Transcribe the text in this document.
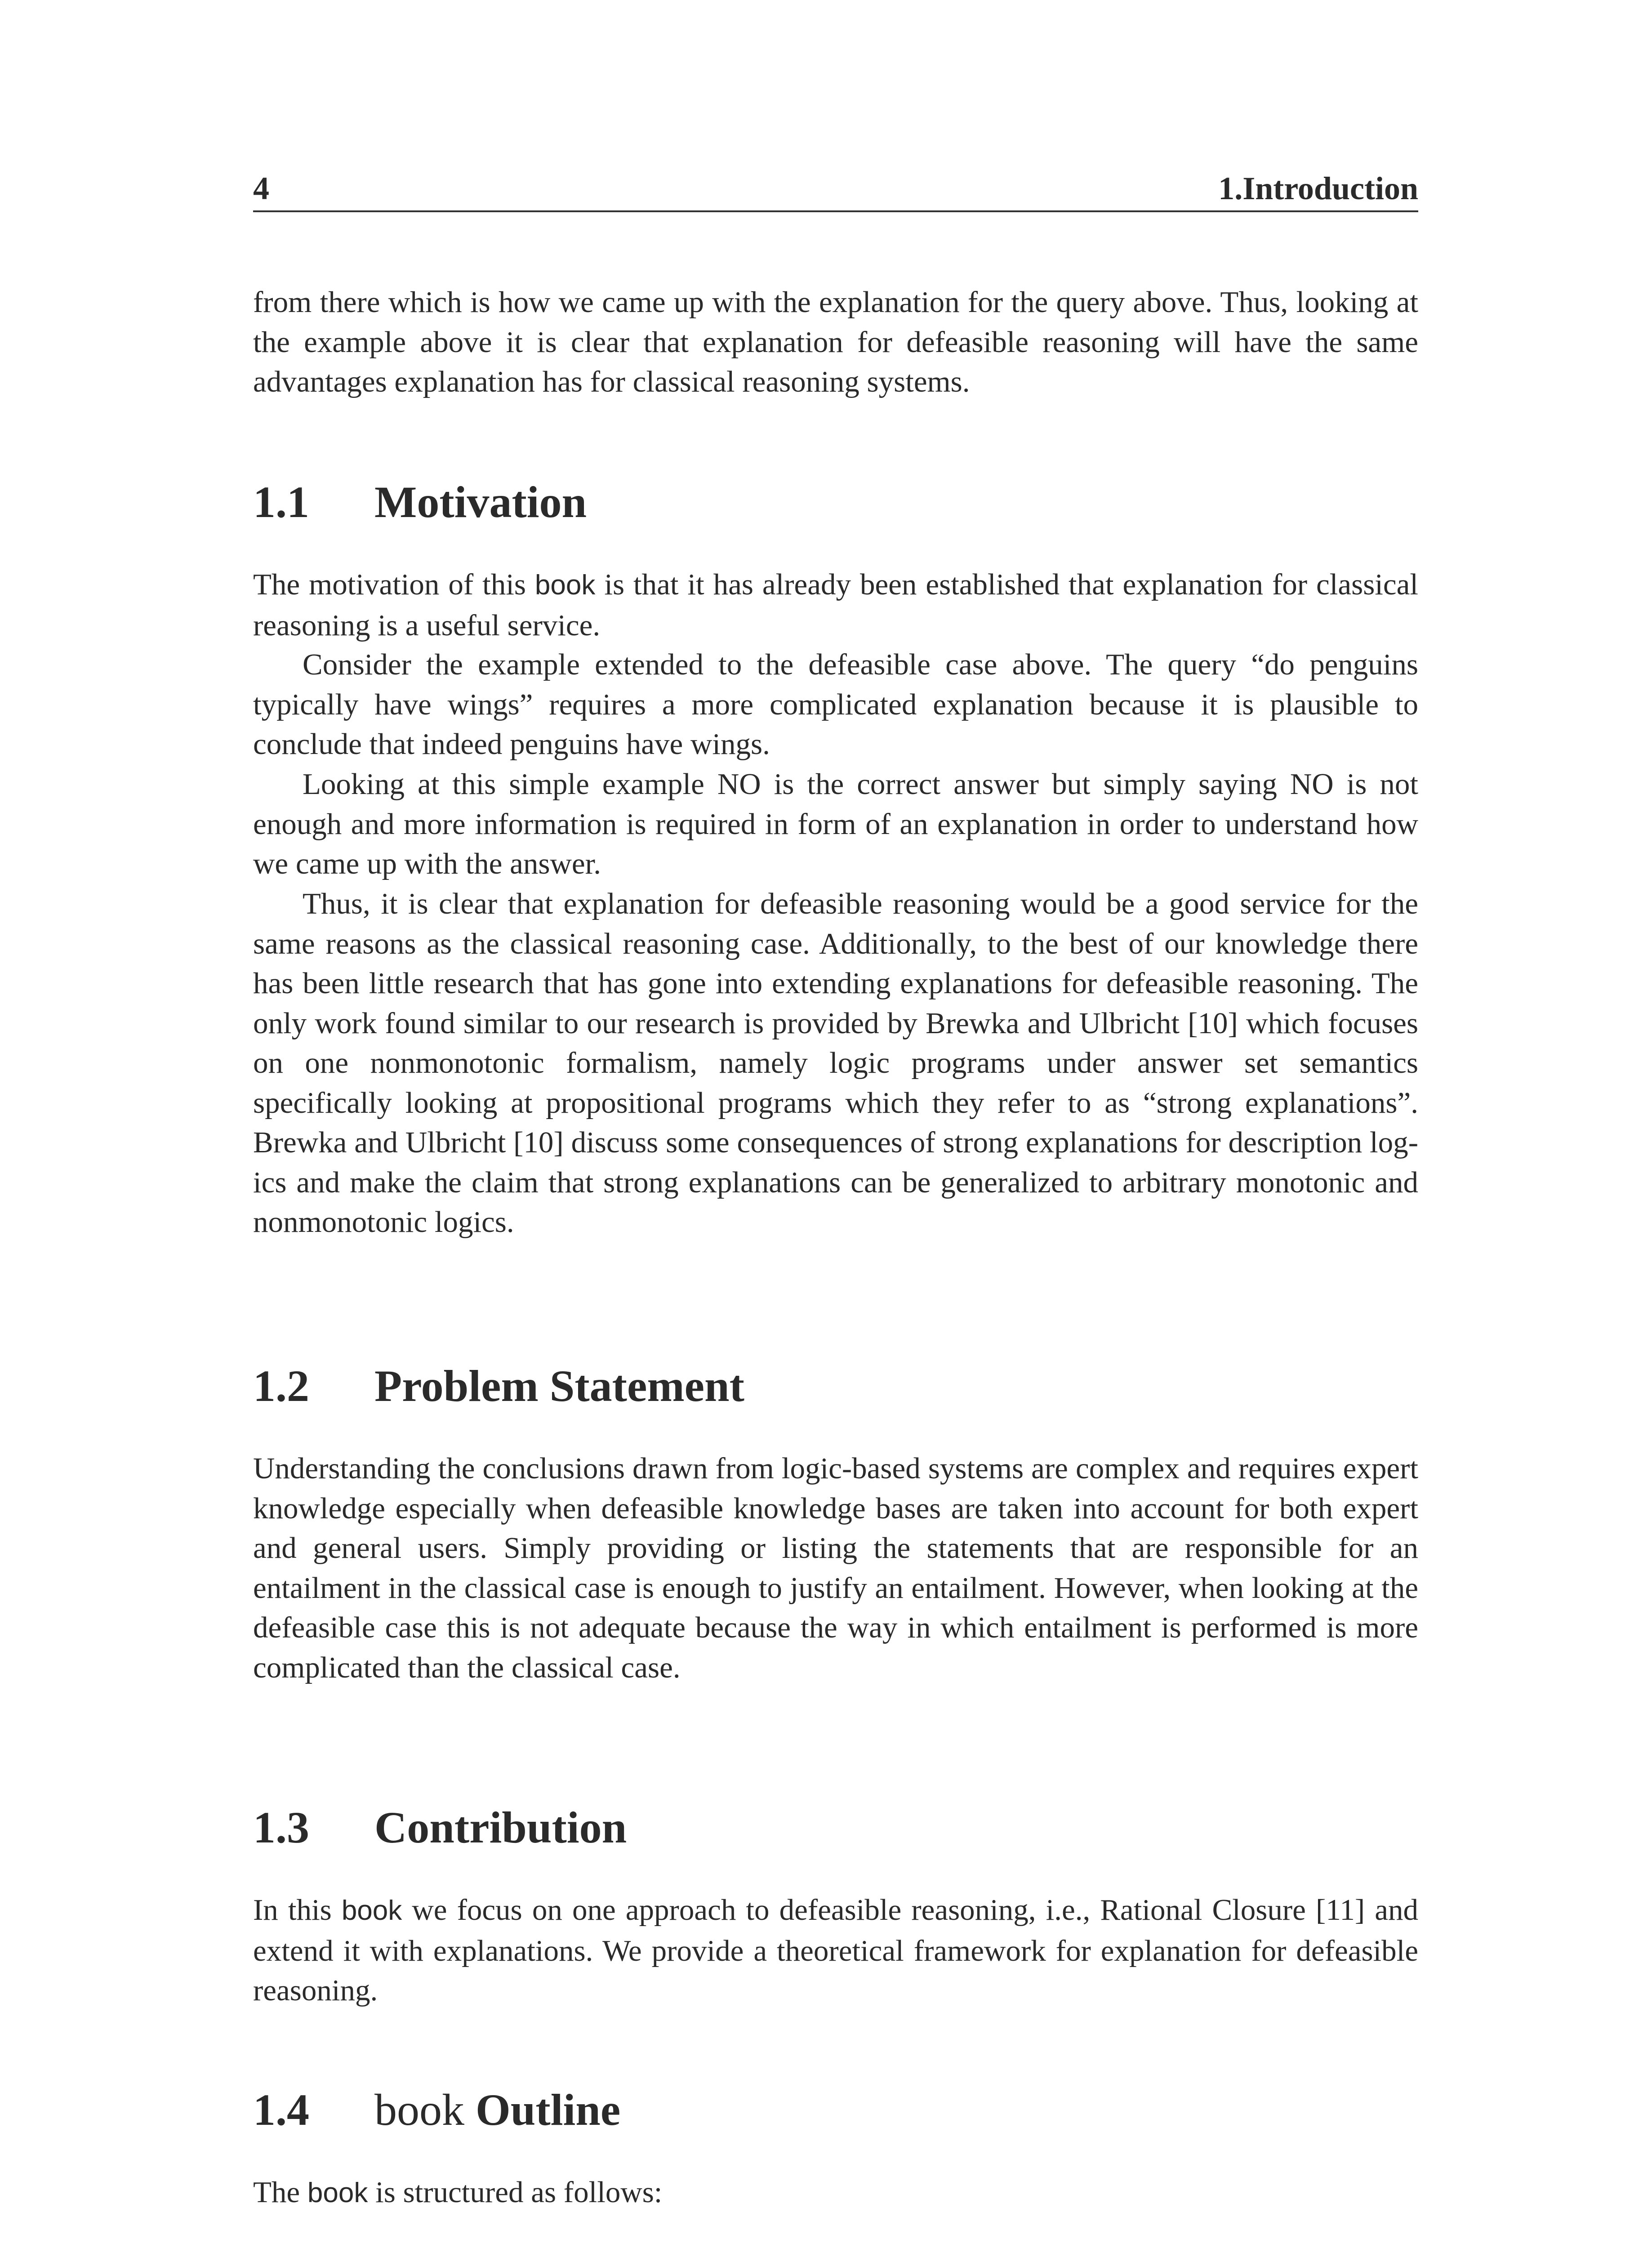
4	1.Introduction

from there which is how we came up with the explanation for the query above. Thus, looking at the example above it is clear that explanation for defeasible reasoning will have the same advantages explanation has for classical reasoning systems.

1.1 Motivation

The motivation of this book is that it has already been established that explanation for classical reasoning is a useful service.

Consider the example extended to the defeasible case above. The query “do penguins typically have wings” requires a more complicated explanation because it is plausible to conclude that indeed penguins have wings.

Looking at this simple example NO is the correct answer but simply saying NO is not enough and more information is required in form of an explanation in order to understand how we came up with the answer.

Thus, it is clear that explanation for defeasible reasoning would be a good service for the same reasons as the classical reasoning case. Additionally, to the best of our knowledge there has been little research that has gone into extending explanations for defeasible reasoning. The only work found similar to our research is provided by Brewka and Ulbricht [10] which focuses on one nonmonotonic formalism, namely logic programs under answer set semantics specifically looking at propositional programs which they refer to as “strong explanations”. Brewka and Ulbricht [10] discuss some consequences of strong explanations for description logics and make the claim that strong explanations can be generalized to arbitrary monotonic and nonmonotonic logics.

1.2 Problem Statement

Understanding the conclusions drawn from logic-based systems are complex and requires expert knowledge especially when defeasible knowledge bases are taken into account for both expert and general users. Simply providing or listing the statements that are responsible for an entailment in the classical case is enough to justify an entailment. However, when looking at the defeasible case this is not adequate because the way in which entailment is performed is more complicated than the classical case.

1.3 Contribution

In this book we focus on one approach to defeasible reasoning, i.e., Rational Closure [11] and extend it with explanations. We provide a theoretical framework for explanation for defeasible reasoning.

1.4 book Outline

The book is structured as follows:
